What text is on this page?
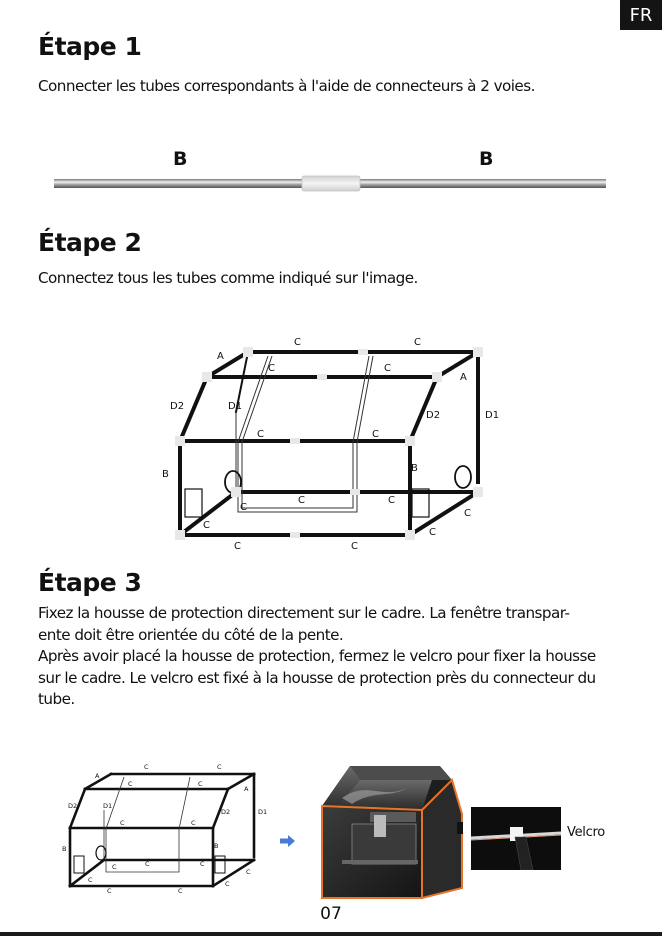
FR
Étape 1

Connecter les tubes correspondants à l'aide de connecteurs à 2 voies.

B	B
Étape 2

Connectez tous les tubes comme indiqué sur l'image.

C	C
C	C
A
A
D2	D1
D2	D1
C	C
B
B
C	C
C
C
C
C
C	C
Étape 3

Fixez la housse de protection directement sur le cadre. La fenêtre transpar-
ente doit être orientée du côté de la pente.
Après avoir placé la housse de protection, fermez le velcro pour fixer la housse
sur le cadre. Le velcro est fixé à la housse de protection près du connecteur du
tube.

C	C
C	C
A
A
D2	D1
D2	D1
C	C
B	B
C	C
C
C
C	C
C	C
Velcro
07
